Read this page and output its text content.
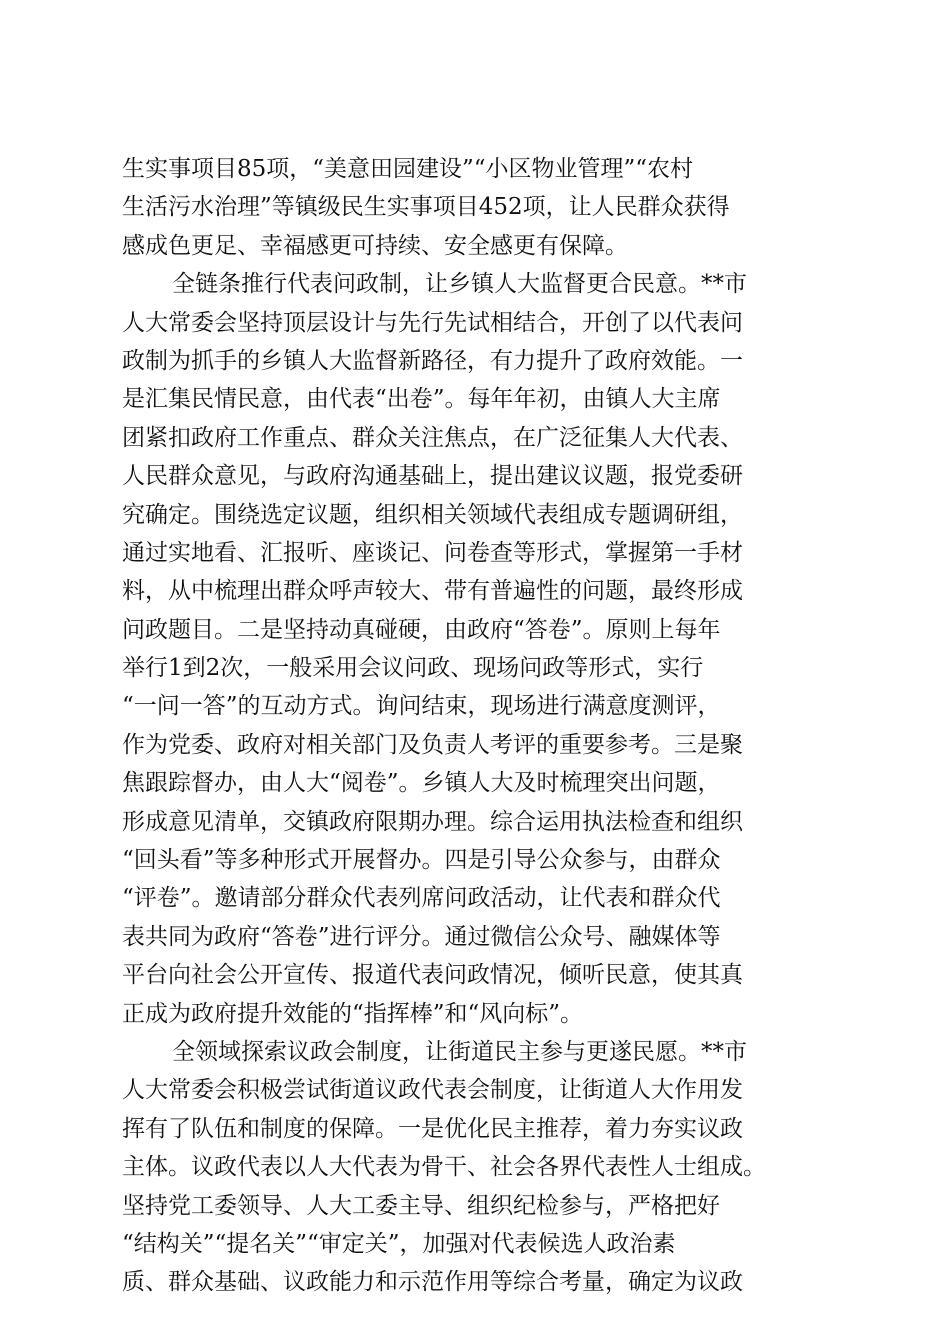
生实事项目85项，“美意田园建设”“小区物业管理”“农村
生活污水治理”等镇级民生实事项目452项，让人民群众获得
感成色更足、幸福感更可持续、安全感更有保障。
全链条推行代表问政制，让乡镇人大监督更合民意。**市
人大常委会坚持顶层设计与先行先试相结合，开创了以代表问
政制为抓手的乡镇人大监督新路径，有力提升了政府效能。一
是汇集民情民意，由代表“出卷”。每年年初，由镇人大主席
团紧扣政府工作重点、群众关注焦点，在广泛征集人大代表、
人民群众意见，与政府沟通基础上，提出建议议题，报党委研
究确定。围绕选定议题，组织相关领域代表组成专题调研组，
通过实地看、汇报听、座谈记、问卷查等形式，掌握第一手材
料，从中梳理出群众呼声较大、带有普遍性的问题，最终形成
问政题目。二是坚持动真碰硬，由政府“答卷”。原则上每年
举行1到2次，一般采用会议问政、现场问政等形式，实行
“一问一答”的互动方式。询问结束，现场进行满意度测评，
作为党委、政府对相关部门及负责人考评的重要参考。三是聚
焦跟踪督办，由人大“阅卷”。乡镇人大及时梳理突出问题，
形成意见清单，交镇政府限期办理。综合运用执法检查和组织
“回头看”等多种形式开展督办。四是引导公众参与，由群众
“评卷”。邀请部分群众代表列席问政活动，让代表和群众代
表共同为政府“答卷”进行评分。通过微信公众号、融媒体等
平台向社会公开宣传、报道代表问政情况，倾听民意，使其真
正成为政府提升效能的“指挥棒”和“风向标”。
全领域探索议政会制度，让街道民主参与更遂民愿。**市
人大常委会积极尝试街道议政代表会制度，让街道人大作用发
挥有了队伍和制度的保障。一是优化民主推荐，着力夯实议政
主体。议政代表以人大代表为骨干、社会各界代表性人士组成。
坚持党工委领导、人大工委主导、组织纪检参与，严格把好
“结构关”“提名关”“审定关”，加强对代表候选人政治素
质、群众基础、议政能力和示范作用等综合考量，确定为议政
